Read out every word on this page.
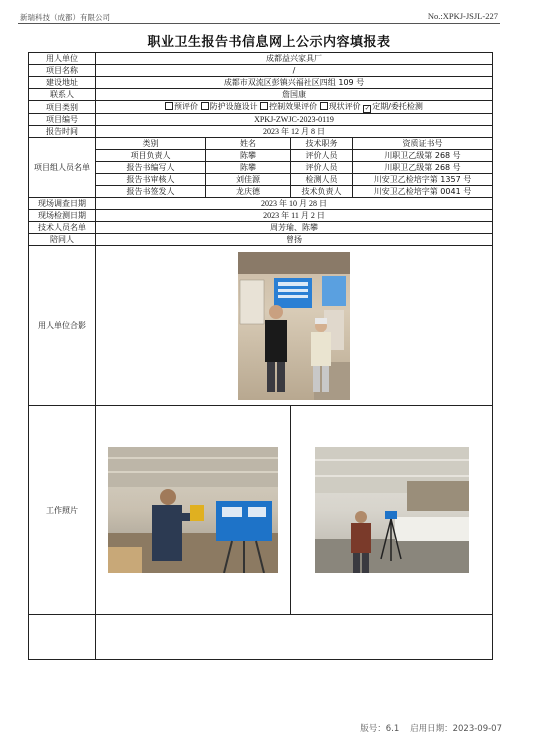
新瑞科技（成都）有限公司	No.:XPKJ-JSJL-227
职业卫生报告书信息网上公示内容填报表
用人单位	成都益兴家具厂			
项目名称	/			
建设地址	成都市双流区彭镇兴福社区四组 109 号			
联系人	詹国康			
项目类别	预评价 防护设施设计 控制效果评价 现状评价 ✓ 定期/委托检测			
项目编号	XPKJ-ZWJC-2023-0119			
报告时间	2023 年 12 月 8 日			
项目组人员名单	类别	姓名	技术职务	资质证书号
	项目负责人	陈攀	评价人员	川职卫乙级第 268 号
	报告书编写人	陈攀	评价人员	川职卫乙级第 268 号
	报告书审核人	刘佳源	检测人员	川安卫乙检培字第 1357 号
	报告书签发人	龙庆德	技术负责人	川安卫乙检培字第 0041 号
现场调查日期	2023 年 10 月 28 日			
现场检测日期	2023 年 11 月 2 日			
技术人员名单	周芳瑜、陈攀			
陪同人	曾扬			
用人单位合影	

工作照片	

版号：6.1 启用日期：2023-09-07
